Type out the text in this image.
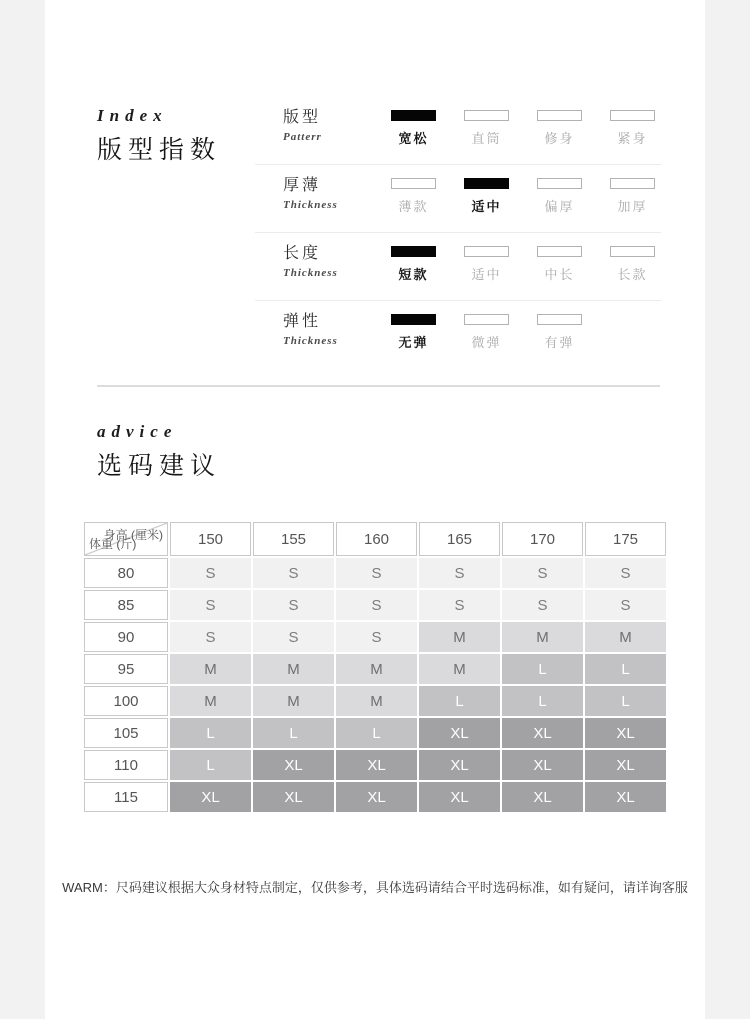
Index
版型指数
版型
Patterr	宽松	直筒	修身	紧身
厚薄
Thickness	薄款	适中	偏厚	加厚
长度
Thickness	短款	适中	中长	长款
弹性
Thickness	无弹	微弹	有弹
advice
选码建议
身高 (厘米)
体重 (斤)	150	155	160	165	170	175
80	S	S	S	S	S	S
85	S	S	S	S	S	S
90	S	S	S	M	M	M
95	M	M	M	M	L	L
100	M	M	M	L	L	L
105	L	L	L	XL	XL	XL
110	L	XL	XL	XL	XL	XL
115	XL	XL	XL	XL	XL	XL
WARM：尺码建议根据大众身材特点制定，仅供参考，具体选码请结合平时选码标准，如有疑问，请详询客服
